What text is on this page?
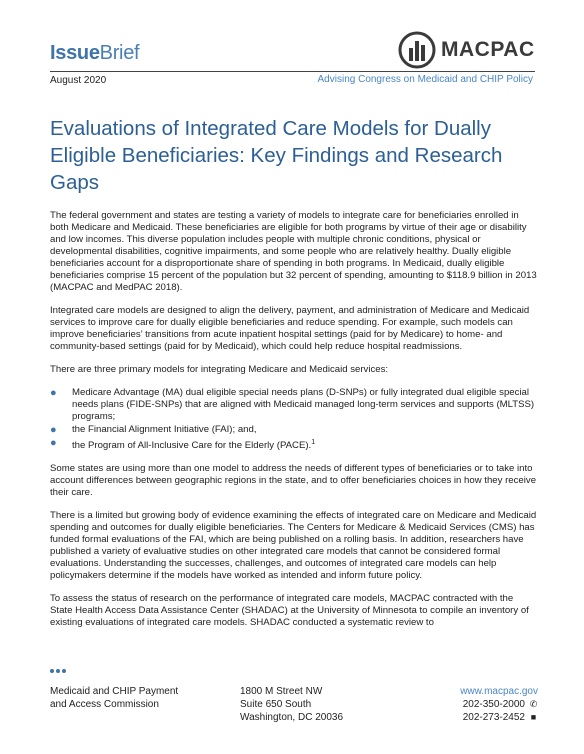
IssueBrief	MACPAC
August 2020	Advising Congress on Medicaid and CHIP Policy
Evaluations of Integrated Care Models for Dually Eligible Beneficiaries: Key Findings and Research Gaps

The federal government and states are testing a variety of models to integrate care for beneficiaries enrolled in both Medicare and Medicaid. These beneficiaries are eligible for both programs by virtue of their age or disability and low incomes. This diverse population includes people with multiple chronic conditions, physical or developmental disabilities, cognitive impairments, and some people who are relatively healthy. Dually eligible beneficiaries account for a disproportionate share of spending in both programs. In Medicaid, dually eligible beneficiaries comprise 15 percent of the population but 32 percent of spending, amounting to $118.9 billion in 2013 (MACPAC and MedPAC 2018).

Integrated care models are designed to align the delivery, payment, and administration of Medicare and Medicaid services to improve care for dually eligible beneficiaries and reduce spending. For example, such models can improve beneficiaries’ transitions from acute inpatient hospital settings (paid for by Medicare) to home- and community-based settings (paid for by Medicaid), which could help reduce hospital readmissions.

There are three primary models for integrating Medicare and Medicaid services:

● Medicare Advantage (MA) dual eligible special needs plans (D-SNPs) or fully integrated dual eligible special needs plans (FIDE-SNPs) that are aligned with Medicaid managed long-term services and supports (MLTSS) programs;
● the Financial Alignment Initiative (FAI); and,
● the Program of All-Inclusive Care for the Elderly (PACE).$^1$

Some states are using more than one model to address the needs of different types of beneficiaries or to take into account differences between geographic regions in the state, and to offer beneficiaries choices in how they receive their care.

There is a limited but growing body of evidence examining the effects of integrated care on Medicare and Medicaid spending and outcomes for dually eligible beneficiaries. The Centers for Medicare & Medicaid Services (CMS) has funded formal evaluations of the FAI, which are being published on a rolling basis. In addition, researchers have published a variety of evaluative studies on other integrated care models that cannot be considered formal evaluations. Understanding the successes, challenges, and outcomes of integrated care models can help policymakers determine if the models have worked as intended and inform future policy.

To assess the status of research on the performance of integrated care models, MACPAC contracted with the State Health Access Data Assistance Center (SHADAC) at the University of Minnesota to compile an inventory of existing evaluations of integrated care models. SHADAC conducted a systematic review to

Medicaid and CHIP Payment
and Access Commission
1800 M Street NW
Suite 650 South
Washington, DC 20036
www.macpac.gov
202-350-2000 ✆
202-273-2452 ■
